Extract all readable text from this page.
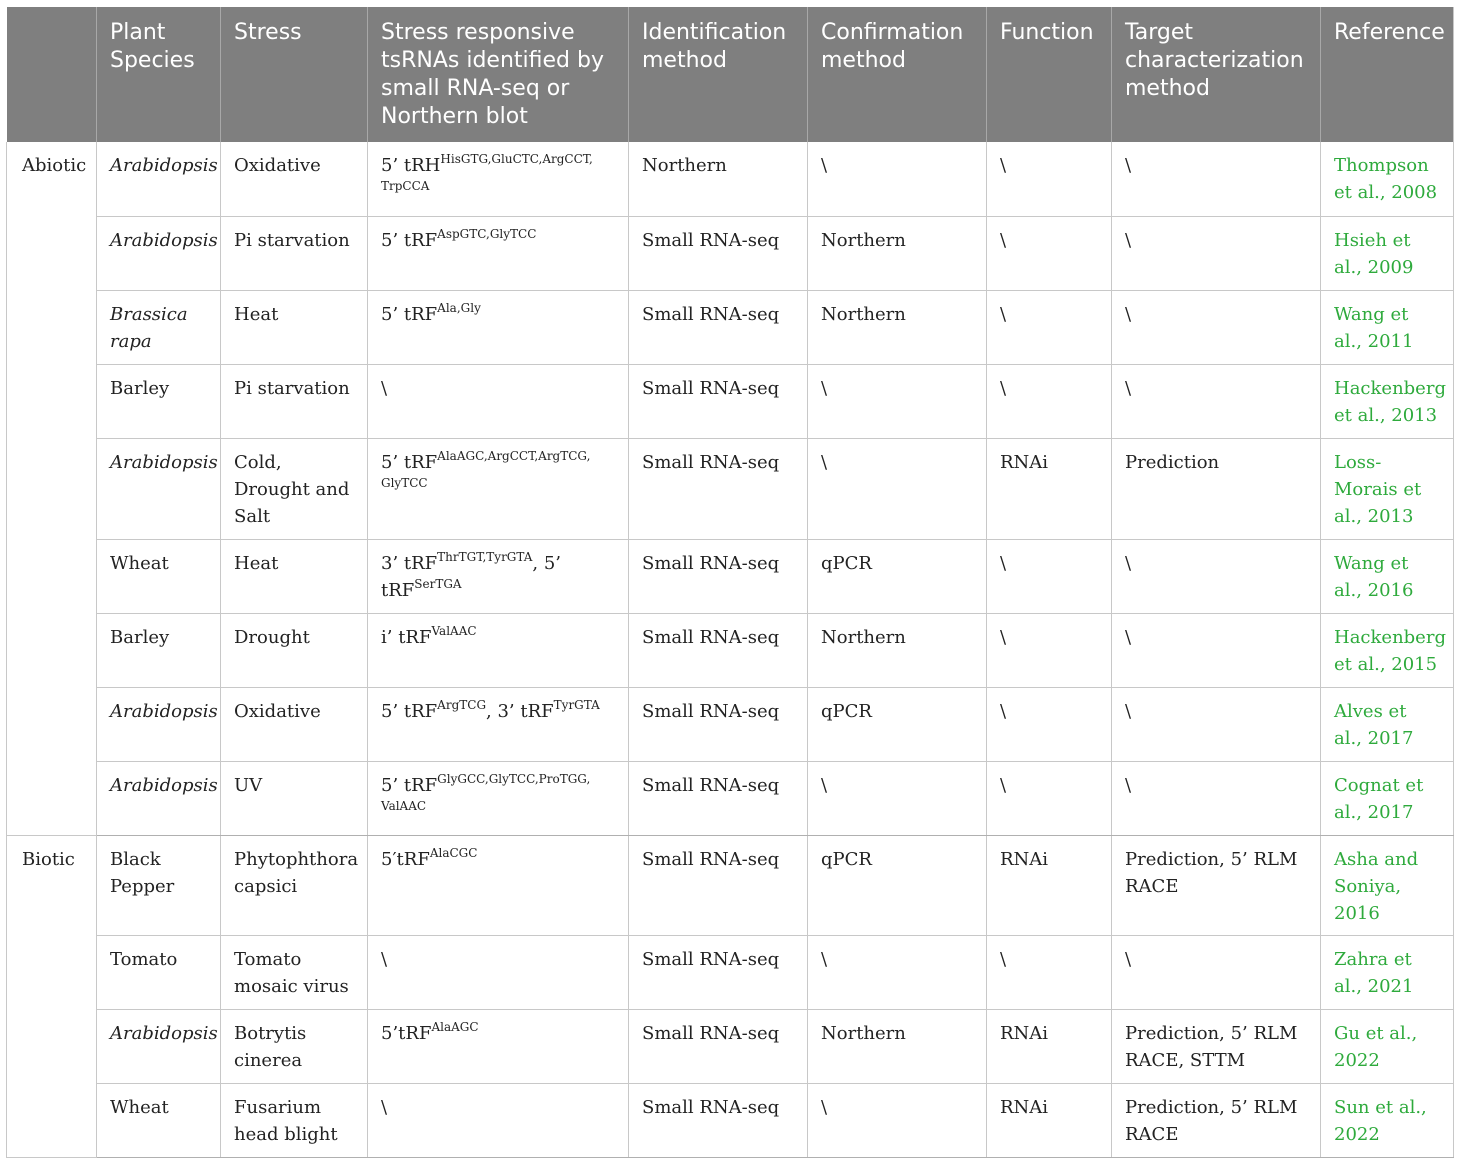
	Plant Species	Stress	Stress responsive tsRNAs identified by small RNA-seq or Northern blot	Identification method	Confirmation method	Function	Target characterization method	Reference
Abiotic	Arabidopsis	Oxidative	5’ tRH$^{HisGTG,GluCTC,ArgCCT,​TrpCCA}$	Northern	\	\	\	Thompson et al., 2008
	Arabidopsis	Pi starvation	5’ tRF$^{AspGTC,GlyTCC}$	Small RNA-seq	Northern	\	\	Hsieh et al., 2009
	Brassica rapa	Heat	5’ tRF$^{Ala,Gly}$	Small RNA-seq	Northern	\	\	Wang et al., 2011
	Barley	Pi starvation	\	Small RNA-seq	\	\	\	Hackenberg et al., 2013
	Arabidopsis	Cold, Drought and Salt	5’ tRF$^{AlaAGC,ArgCCT,ArgTCG,​GlyTCC}$	Small RNA-seq	\	RNAi	Prediction	Loss-Morais et al., 2013
	Wheat	Heat	3’ tRF$^{ThrTGT,TyrGTA}$, 5’ tRF$^{SerTGA}$	Small RNA-seq	qPCR	\	\	Wang et al., 2016
	Barley	Drought	i’ tRF$^{ValAAC}$	Small RNA-seq	Northern	\	\	Hackenberg et al., 2015
	Arabidopsis	Oxidative	5’ tRF$^{ArgTCG}$, 3’ tRF$^{TyrGTA}$	Small RNA-seq	qPCR	\	\	Alves et al., 2017
	Arabidopsis	UV	5’ tRF$^{GlyGCC,GlyTCC,ProTGG,​ValAAC}$	Small RNA-seq	\	\	\	Cognat et al., 2017
Biotic	Black Pepper	Phytophthora capsici	5′tRF$^{AlaCGC}$	Small RNA-seq	qPCR	RNAi	Prediction, 5’ RLM RACE	Asha and Soniya, 2016
	Tomato	Tomato mosaic virus	\	Small RNA-seq	\	\	\	Zahra et al., 2021
	Arabidopsis	Botrytis cinerea	5’tRF$^{AlaAGC}$	Small RNA-seq	Northern	RNAi	Prediction, 5’ RLM RACE, STTM	Gu et al., 2022
	Wheat	Fusarium head blight	\	Small RNA-seq	\	RNAi	Prediction, 5’ RLM RACE	Sun et al., 2022
